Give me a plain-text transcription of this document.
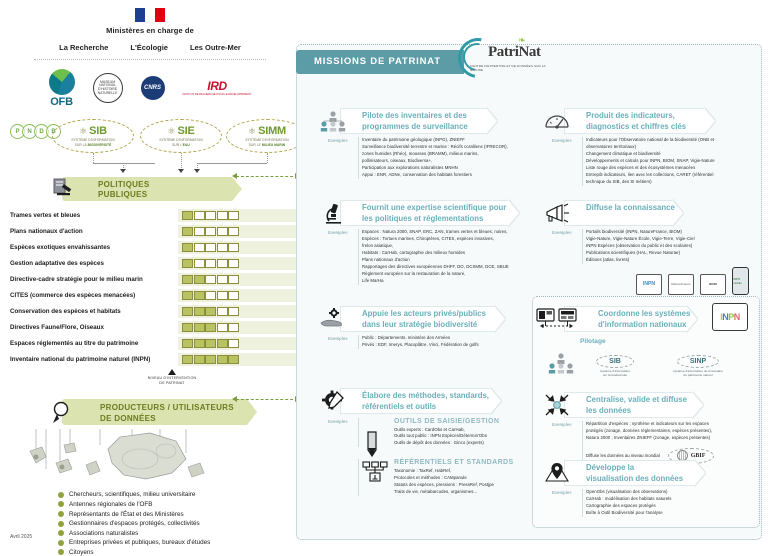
Ministères en charge de
La Recherche	L'Écologie	Les Outre-Mer
OFB
MUSEUM NATIONAL D'HISTOIRE NATURELLE
CNRS	IRD
INSTITUT DE RECHERCHE POUR LE DÉVELOPPEMENT
P	N	D	B	⚛ SIB
SYSTÈME D'INFORMATION
SUR LA BIODIVERSITÉ
⚛ SIE
SYSTÈME D'INFORMATION
SUR L'EAU
⚛ SIMM
SYSTÈME D'INFORMATION
SUR LE MILIEU MARIN
POLITIQUES
PUBLIQUES
Trames vertes et bleues
Plans nationaux d'action
Espèces exotiques envahissantes
Gestion adaptative des espèces
Directive-cadre stratégie pour le milieu marin
CITES (commerce des espèces menacées)
Conservation des espèces et habitats
Directives Faune/Flore, Oiseaux
Espaces réglementés au titre du patrimoine
Inventaire national du patrimoine naturel (INPN)
NIVEAU D'INTERVENTION
DE PATRINAT
PRODUCTEURS / UTILISATEURS
DE DONNÉES
Chercheurs, scientifiques, milieu universitaire
Antennes régionales de l'OFB
Représentants de l'État et des Ministères
Gestionnaires d'espaces protégés, collectivités
Associations naturalistes
Entreprises privées et publiques, bureaux d'études
Citoyens
Avril 2025
MISSIONS DE PATRINAT
❧
PatriNat
CENTRE D'EXPERTISE ET DE DONNÉES SUR LA NATURE
Pilote des inventaires et des
programmes de surveillance
Exemples	Inventaire du patrimoine géologique (INPG), ZNIEFF
Surveillance biodiversité terrestre et marine : Récifs coralliens (IFRECOR),
zones humides (Rhéo), mousses (BRAMM), milieux marins,
pollinisateurs, oiseaux, Biodiversa+,
Participation aux explorations naturalistes MNHN
Appui : ENR, ADNe, conservation des habitats forestiers
Produit des indicateurs,
diagnostics et chiffres clés
Exemples	Indicateurs pour l'Observatoire national de la biodiversité (ONB et
observatoires territoriaux)
Changement climatique et biodiversité
Développements et calculs pour INPN, BIOM, SNAP, Vigie-Nature
Liste rouge des espèces et des écosystèmes menacées
Entrepôt indicateurs, lien avec les collections, CARET (référentiel
technique du SIB, des SI métiers)
Fournit une expertise scientifique pour
les politiques et réglementations
Exemples	Espaces : Natura 2000, SNAP, ERC, ZAN, trames vertes et bleues, noires,
Espèces : Tortues marines, Chiroptères, CITES, espèces invasives,
frelon asiatique,
Habitats : CarHab, cartographie des milieux humides
Plans nationaux d'action
Rapportages des directives européennes DHFF, DO, DCSMM, DCE, SBUE
Règlement européen sur la restauration de la nature,
Life MarHa
Diffuse la connaissance
Exemples	Portails biodiversité (INPN, NatureFrance, BIOM)
Vigie-Nature, Vigie-Nature École, Vigie-Terre, Vigie-Ciel
INPN Espèces (observation du public et des scolaires)
Publications scientifiques (HAL, Revue Naturae)
Éditions (atlas, livrets)
INPN	NatureFrance	BIOM
INPN mobile
Appuie les acteurs privés/publics
dans leur stratégie biodiversité
Exemples	Public : Départements, ministère des Armées
Privés : EDF, Imerys, Placoplâtre, Vinci, Fédération de golfs
Élabore des méthodes, standards,
référentiels et outils
Exemples	OUTILS DE SAISIE/GESTION
Outils experts : CardObs et CarHab,
Outils tout public : INPN Espèces/Détermin'Obs
Outils de dépôt des données : Ginco (experts)
RÉFÉRENTIELS ET STANDARDS
Taxonomie : TaxRef, HabRef,
Protocoles et méthodes : CAMpanule
Statuts des espèces, pressions : PressRef, Postjpe
Traits de vie, métabarcodes, organismes...
Coordonne les systèmes
d'information nationaux
INPN
Pilotage
SIB
système d'information
sur la biodiversité
SINP
système d'information de l'inventaire
du patrimoine naturel
Centralise, valide et diffuse
les données
Exemples	Répartition d'espèces ; synthèse et indicateurs sur les espaces
protégés (zonage, données réglementaires, espèces présentes),
Natura 2000 ; Inventaires ZNIEFF (zonage, espèces présentes)
Diffuse les données au niveau mondial	GBIF
Développe la
visualisation des données
Exemples	OpenObs (visualisation des observations)
CarHab : modélisation des habitats naturels
Cartographie des espaces protégés
Boîte à Outil Biodiversité pour l'analyse
